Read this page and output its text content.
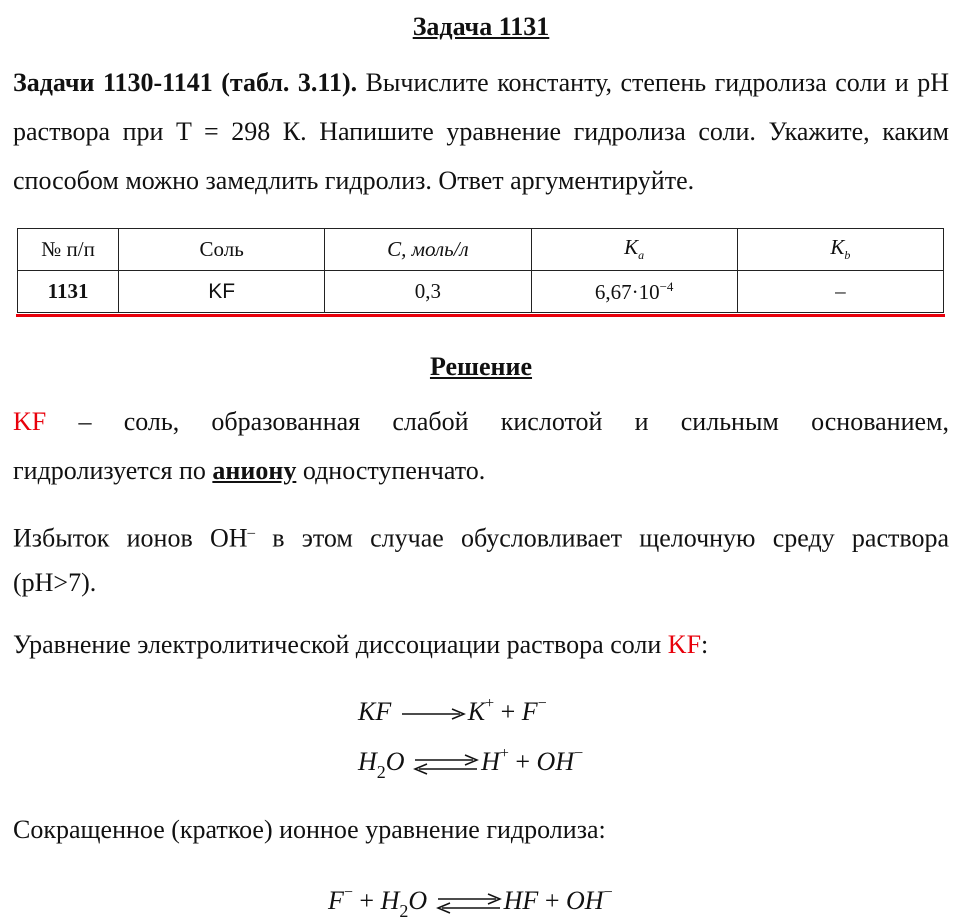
Задача 1131
Задачи 1130-1141 (табл. 3.11). Вычислите константу, степень гидролиза соли и pH раствора при T = 298 К. Напишите уравнение гидролиза соли. Укажите, каким способом можно замедлить гидролиз. Ответ аргументируйте.
№ п/п	Соль	C, моль/л	$K_a$	$K_b$
1131	KF	0,3	$6,67\cdot 10^{-4}$	–
Решение
KF – соль, образованная слабой кислотой и сильным основанием,
гидролизуется по аниону одноступенчато.
Избыток ионов OH– в этом случае обусловливает щелочную среду раствора
(pH>7).
Уравнение электролитической диссоциации раствора соли KF:
KF	K+ + F−
$H_2O$ ⇌ H+ + OH−
Сокращенное (краткое) ионное уравнение гидролиза:
$F^- + H_2O$ ⇌ HF + OH−
